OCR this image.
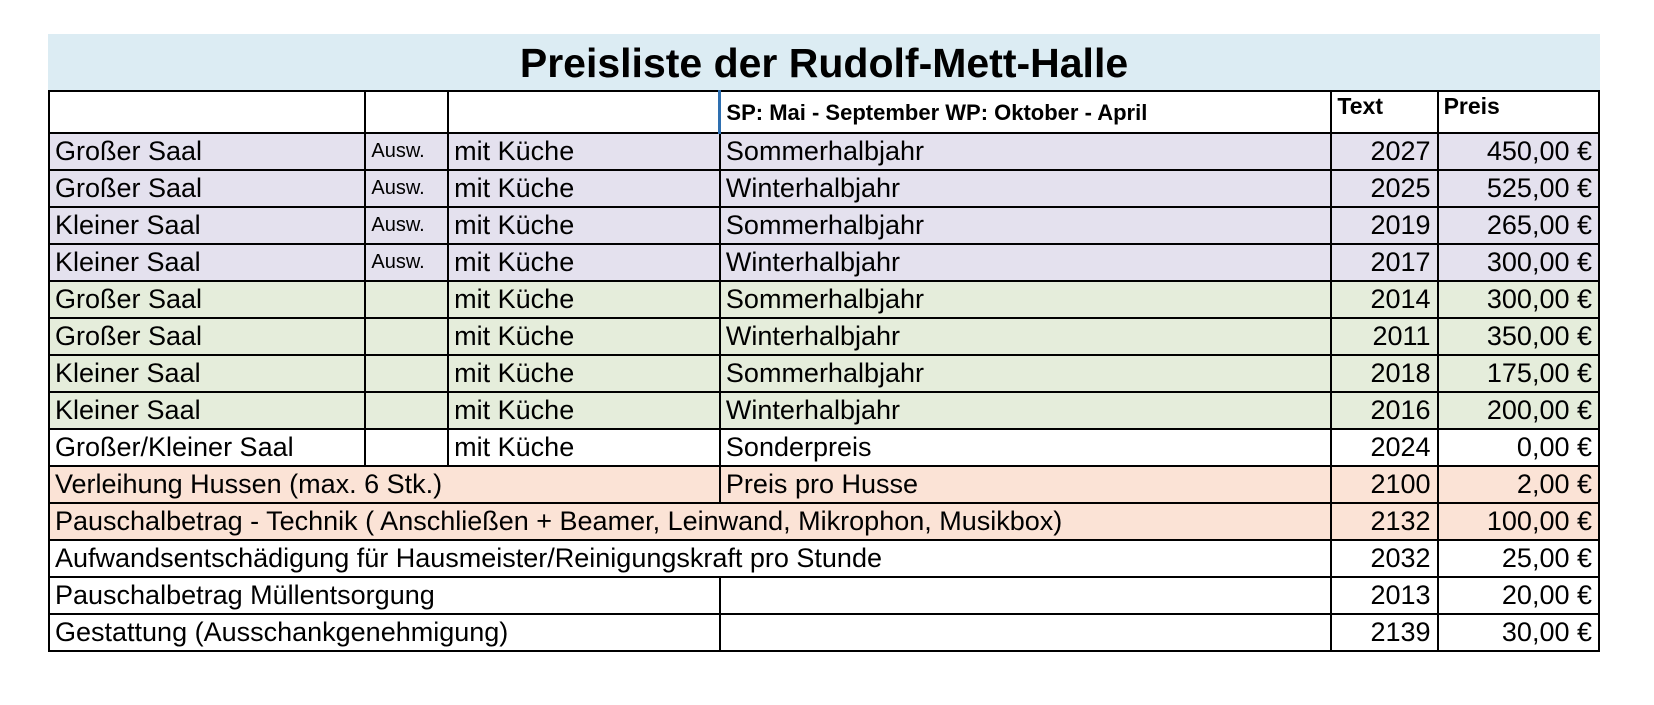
Preisliste der Rudolf-Mett-Halle
			SP: Mai - September WP: Oktober - April	Text	Preis
Großer Saal	Ausw.	mit Küche	Sommerhalbjahr	2027	450,00 €
Großer Saal	Ausw.	mit Küche	Winterhalbjahr	2025	525,00 €
Kleiner Saal	Ausw.	mit Küche	Sommerhalbjahr	2019	265,00 €
Kleiner Saal	Ausw.	mit Küche	Winterhalbjahr	2017	300,00 €
Großer Saal		mit Küche	Sommerhalbjahr	2014	300,00 €
Großer Saal		mit Küche	Winterhalbjahr	2011	350,00 €
Kleiner Saal		mit Küche	Sommerhalbjahr	2018	175,00 €
Kleiner Saal		mit Küche	Winterhalbjahr	2016	200,00 €
Großer/Kleiner Saal		mit Küche	Sonderpreis	2024	0,00 €
Verleihung Hussen (max. 6 Stk.)			Preis pro Husse	2100	2,00 €
Pauschalbetrag - Technik ( Anschließen + Beamer, Leinwand, Mikrophon, Musikbox)				2132	100,00 €
Aufwandsentschädigung für Hausmeister/Reinigungskraft pro Stunde				2032	25,00 €
Pauschalbetrag Müllentsorgung				2013	20,00 €
Gestattung (Ausschankgenehmigung)				2139	30,00 €
